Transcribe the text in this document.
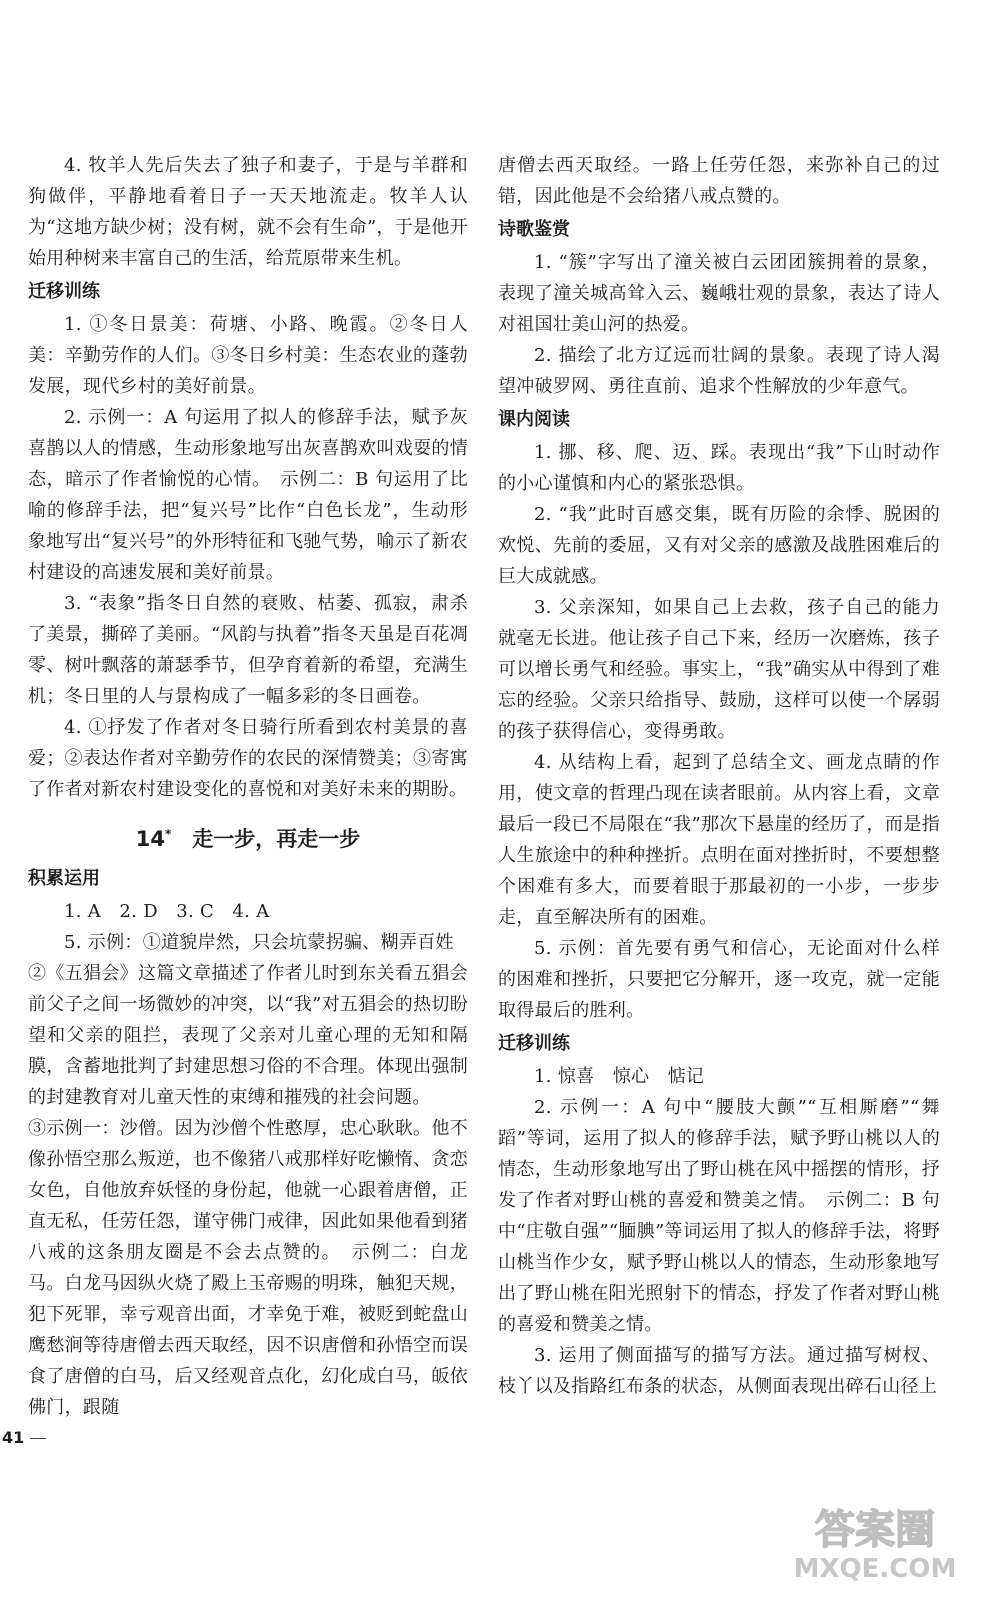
4. 牧羊人先后失去了独子和妻子，于是与羊群和狗做伴，平静地看着日子一天天地流走。牧羊人认为“这地方缺少树；没有树，就不会有生命”，于是他开始用种树来丰富自己的生活，给荒原带来生机。

迁移训练

1. ①冬日景美：荷塘、小路、晚霞。②冬日人美：辛勤劳作的人们。③冬日乡村美：生态农业的蓬勃发展，现代乡村的美好前景。

2. 示例一：A 句运用了拟人的修辞手法，赋予灰喜鹊以人的情感，生动形象地写出灰喜鹊欢叫戏耍的情态，暗示了作者愉悦的心情。　示例二：B 句运用了比喻的修辞手法，把“复兴号”比作“白色长龙”，生动形象地写出“复兴号”的外形特征和飞驰气势，喻示了新农村建设的高速发展和美好前景。

3. “表象”指冬日自然的衰败、枯萎、孤寂，肃杀了美景，撕碎了美丽。“风韵与执着”指冬天虽是百花凋零、树叶飘落的萧瑟季节，但孕育着新的希望，充满生机；冬日里的人与景构成了一幅多彩的冬日画卷。

4. ①抒发了作者对冬日骑行所看到农村美景的喜爱；②表达作者对辛勤劳作的农民的深情赞美；③寄寓了作者对新农村建设变化的喜悦和对美好未来的期盼。

14*  走一步，再走一步
积累运用

1. A　2. D　3. C　4. A

5. 示例：①道貌岸然，只会坑蒙拐骗、糊弄百姓

②《五猖会》这篇文章描述了作者儿时到东关看五猖会前父子之间一场微妙的冲突，以“我”对五猖会的热切盼望和父亲的阻拦，表现了父亲对儿童心理的无知和隔膜，含蓄地批判了封建思想习俗的不合理。体现出强制的封建教育对儿童天性的束缚和摧残的社会问题。

③示例一：沙僧。因为沙僧个性憨厚，忠心耿耿。他不像孙悟空那么叛逆，也不像猪八戒那样好吃懒惰、贪恋女色，自他放弃妖怪的身份起，他就一心跟着唐僧，正直无私，任劳任怨，谨守佛门戒律，因此如果他看到猪八戒的这条朋友圈是不会去点赞的。　示例二：白龙马。白龙马因纵火烧了殿上玉帝赐的明珠，触犯天规，犯下死罪，幸亏观音出面，才幸免于难，被贬到蛇盘山鹰愁涧等待唐僧去西天取经，因不识唐僧和孙悟空而误食了唐僧的白马，后又经观音点化，幻化成白马，皈依佛门，跟随

唐僧去西天取经。一路上任劳任怨，来弥补自己的过错，因此他是不会给猪八戒点赞的。

诗歌鉴赏

1. “簇”字写出了潼关被白云团团簇拥着的景象，表现了潼关城高耸入云、巍峨壮观的景象，表达了诗人对祖国壮美山河的热爱。

2. 描绘了北方辽远而壮阔的景象。表现了诗人渴望冲破罗网、勇往直前、追求个性解放的少年意气。

课内阅读

1. 挪、移、爬、迈、踩。表现出“我”下山时动作的小心谨慎和内心的紧张恐惧。

2. “我”此时百感交集，既有历险的余悸、脱困的欢悦、先前的委屈，又有对父亲的感激及战胜困难后的巨大成就感。

3. 父亲深知，如果自己上去救，孩子自己的能力就毫无长进。他让孩子自己下来，经历一次磨炼，孩子可以增长勇气和经验。事实上，“我”确实从中得到了难忘的经验。父亲只给指导、鼓励，这样可以使一个孱弱的孩子获得信心，变得勇敢。

4. 从结构上看，起到了总结全文、画龙点睛的作用，使文章的哲理凸现在读者眼前。从内容上看，文章最后一段已不局限在“我”那次下悬崖的经历了，而是指人生旅途中的种种挫折。点明在面对挫折时，不要想整个困难有多大，而要着眼于那最初的一小步，一步步走，直至解决所有的困难。

5. 示例：首先要有勇气和信心，无论面对什么样的困难和挫折，只要把它分解开，逐一攻克，就一定能取得最后的胜利。

迁移训练

1. 惊喜　惊心　惦记

2. 示例一：A 句中“腰肢大颤”“互相厮磨”“舞蹈”等词，运用了拟人的修辞手法，赋予野山桃以人的情态，生动形象地写出了野山桃在风中摇摆的情形，抒发了作者对野山桃的喜爱和赞美之情。　示例二：B 句中“庄敬自强”“腼腆”等词运用了拟人的修辞手法，将野山桃当作少女，赋予野山桃以人的情态，生动形象地写出了野山桃在阳光照射下的情态，抒发了作者对野山桃的喜爱和赞美之情。

3. 运用了侧面描写的描写方法。通过描写树杈、枝丫以及指路红布条的状态，从侧面表现出碎石山径上

41
答案圈
MXQE.COM
